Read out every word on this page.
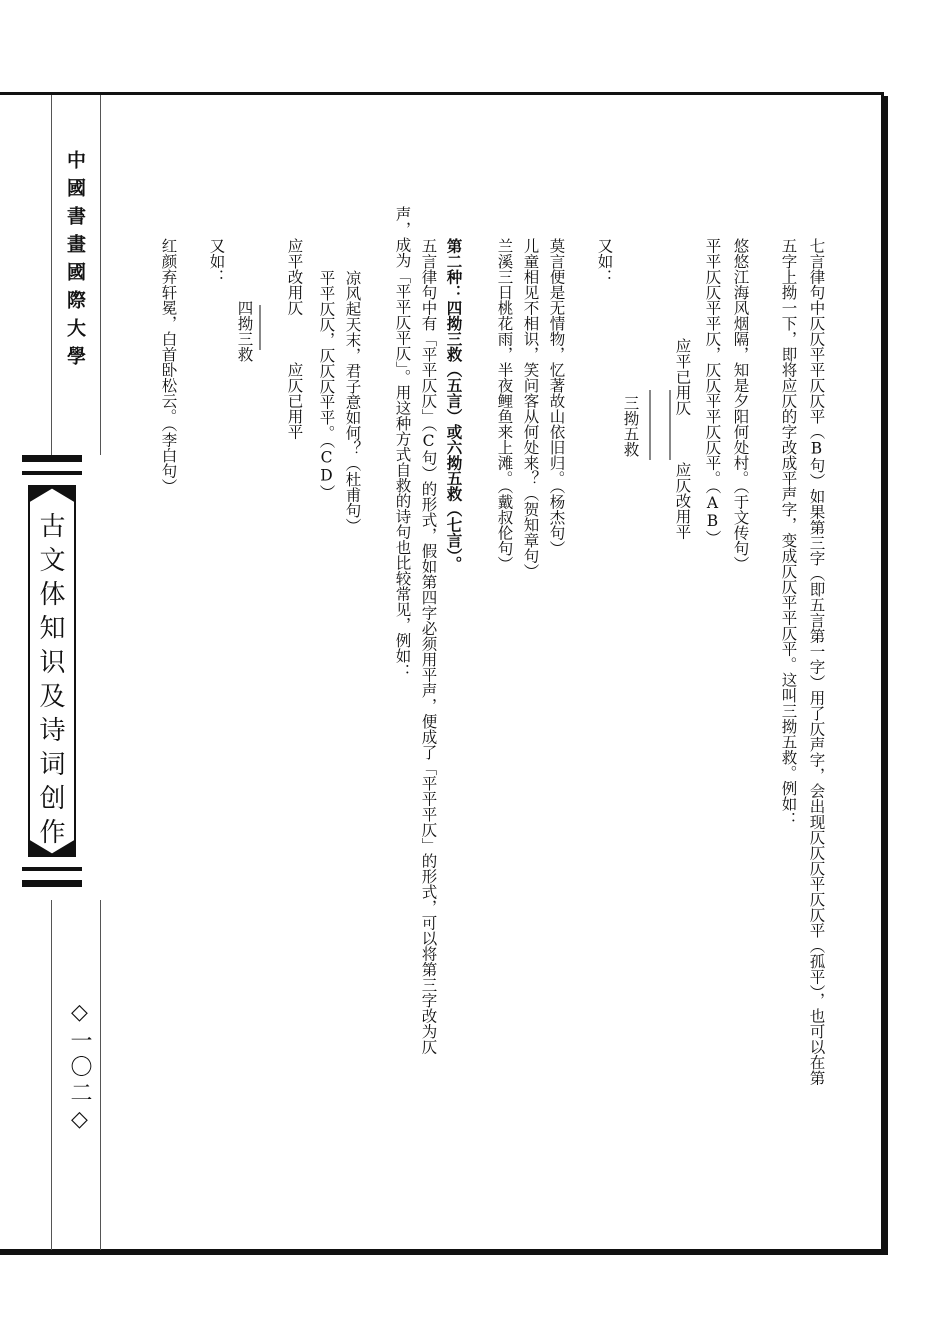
中國書畫國際大學
古文体知识及诗词创作
◇一〇二◇	七言律句中仄仄平平仄仄平（B句）如果第三字（即五言第一字）用了仄声字，会出现仄仄仄平仄仄平（孤平），也可以在第
五字上拗一下，即将应仄的字改成平声字，变成仄仄平平仄平。这叫三拗五救。例如：
悠悠江海风烟隔，知是夕阳何处村。（于文传句）
平平仄仄平平仄，仄仄平平仄仄平。（AB）
应平已用仄　　　应仄改用平
三拗五救
又如：
莫言便是无情物，忆著故山依旧归。（杨杰句）
儿童相见不相识，笑问客从何处来？（贺知章句）
兰溪三日桃花雨，半夜鲤鱼来上滩。（戴叔伦句）
第二种：四拗三救（五言）或六拗五救（七言）。
五言律句中有「平平仄仄」（C句）的形式，假如第四字必须用平声，便成了「平平平仄」的形式，可以将第三字改为仄
声，成为「平平仄平仄」。用这种方式自救的诗句也比较常见，例如：
凉风起天末，君子意如何？（杜甫句）
平平仄仄，仄仄仄平平。（CD）
应平改用仄　　　应仄已用平
四拗三救
又如：
红颜弃轩冕，白首卧松云。（李白句）
